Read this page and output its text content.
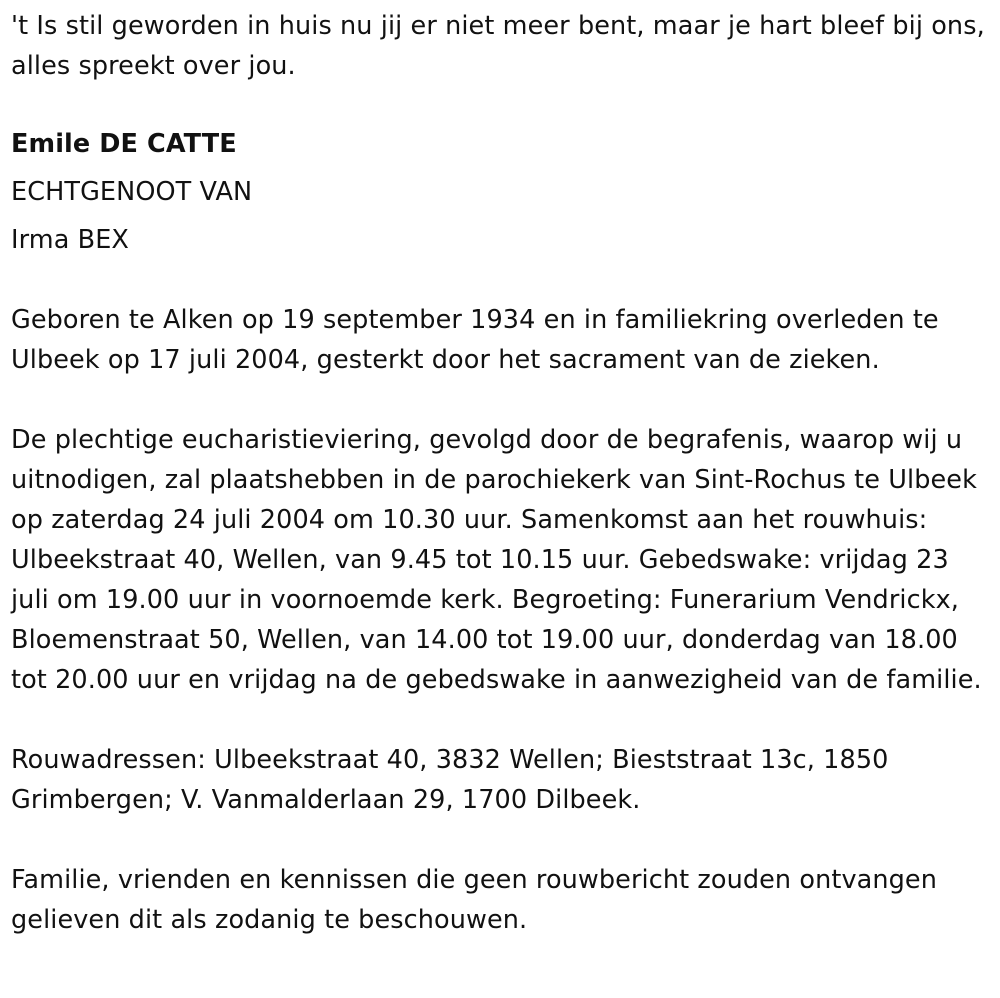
't Is stil geworden in huis nu jij er niet meer bent, maar je hart bleef bij ons, alles spreekt over jou.

Emile DE CATTE

ECHTGENOOT VAN

Irma BEX

Geboren te Alken op 19 september 1934 en in familiekring overleden te Ulbeek op 17 juli 2004, gesterkt door het sacrament van de zieken.

De plechtige eucharistieviering, gevolgd door de begrafenis, waarop wij u uitnodigen, zal plaatshebben in de parochiekerk van Sint-Rochus te Ulbeek op zaterdag 24 juli 2004 om 10.30 uur. Samenkomst aan het rouwhuis: Ulbeekstraat 40, Wellen, van 9.45 tot 10.15 uur. Gebedswake: vrijdag 23 juli om 19.00 uur in voornoemde kerk. Begroeting: Funerarium Vendrickx, Bloemenstraat 50, Wellen, van 14.00 tot 19.00 uur, donderdag van 18.00 tot 20.00 uur en vrijdag na de gebedswake in aanwezigheid van de familie.

Rouwadressen: Ulbeekstraat 40, 3832 Wellen; Bieststraat 13c, 1850 Grimbergen; V. Vanmalderlaan 29, 1700 Dilbeek.

Familie, vrienden en kennissen die geen rouwbericht zouden ontvangen gelieven dit als zodanig te beschouwen.
